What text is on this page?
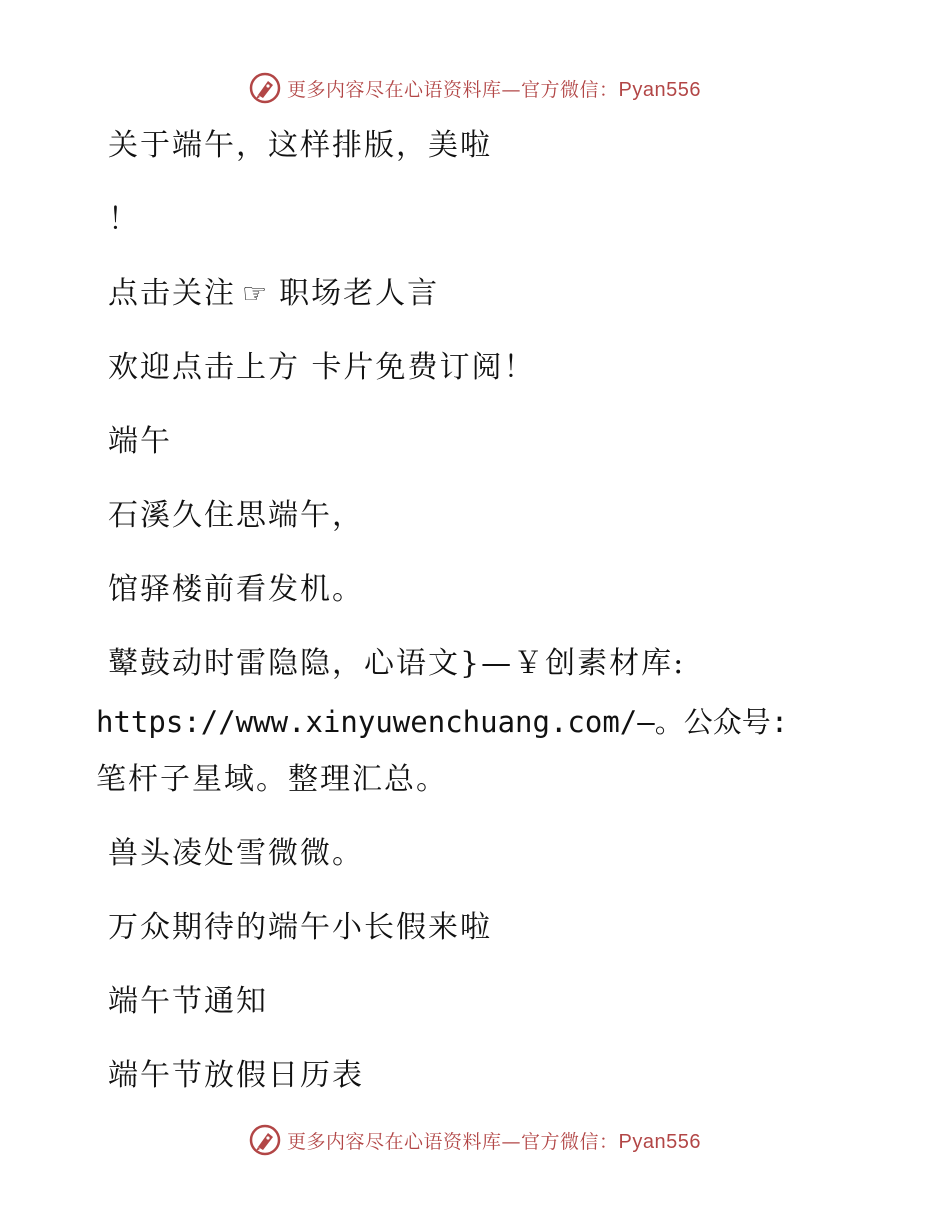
更多内容尽在心语资料库—官方微信：Pyan556
关于端午，这样排版，美啦
！
点击关注 ☞ 职场老人言
欢迎点击上方 卡片免费订阅！
端午
石溪久住思端午，
馆驿楼前看发机。
鼙鼓动时雷隐隐，心语文}—￥创素材库:
https://www.xinyuwenchuang.com/—。公众号:
笔杆子星域。整理汇总。
兽头凌处雪微微。
万众期待的端午小长假来啦
端午节通知
端午节放假日历表
更多内容尽在心语资料库—官方微信：Pyan556
